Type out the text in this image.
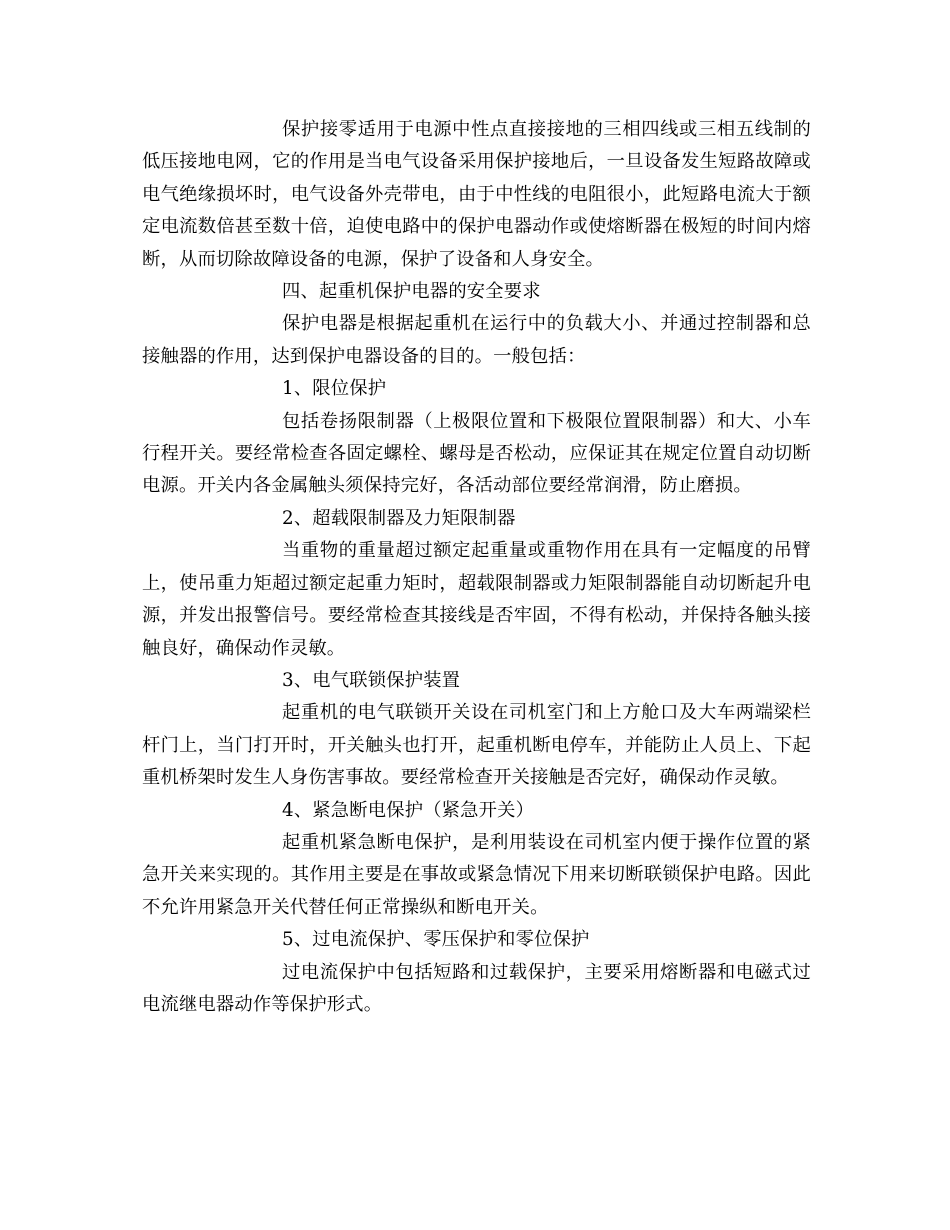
保护接零适用于电源中性点直接接地的三相四线或三相五线制的低压接地电网，它的作用是当电气设备采用保护接地后，一旦设备发生短路故障或电气绝缘损坏时，电气设备外壳带电，由于中性线的电阻很小，此短路电流大于额定电流数倍甚至数十倍，迫使电路中的保护电器动作或使熔断器在极短的时间内熔断，从而切除故障设备的电源，保护了设备和人身安全。

四、起重机保护电器的安全要求

保护电器是根据起重机在运行中的负载大小、并通过控制器和总接触器的作用，达到保护电器设备的目的。一般包括：

1、限位保护

包括卷扬限制器（上极限位置和下极限位置限制器）和大、小车行程开关。要经常检查各固定螺栓、螺母是否松动，应保证其在规定位置自动切断电源。开关内各金属触头须保持完好，各活动部位要经常润滑，防止磨损。

2、超载限制器及力矩限制器

当重物的重量超过额定起重量或重物作用在具有一定幅度的吊臂上，使吊重力矩超过额定起重力矩时，超载限制器或力矩限制器能自动切断起升电源，并发出报警信号。要经常检查其接线是否牢固，不得有松动，并保持各触头接触良好，确保动作灵敏。

3、电气联锁保护装置

起重机的电气联锁开关设在司机室门和上方舱口及大车两端梁栏杆门上，当门打开时，开关触头也打开，起重机断电停车，并能防止人员上、下起重机桥架时发生人身伤害事故。要经常检查开关接触是否完好，确保动作灵敏。

4、紧急断电保护（紧急开关）

起重机紧急断电保护，是利用装设在司机室内便于操作位置的紧急开关来实现的。其作用主要是在事故或紧急情况下用来切断联锁保护电路。因此不允许用紧急开关代替任何正常操纵和断电开关。

5、过电流保护、零压保护和零位保护

过电流保护中包括短路和过载保护，主要采用熔断器和电磁式过电流继电器动作等保护形式。
